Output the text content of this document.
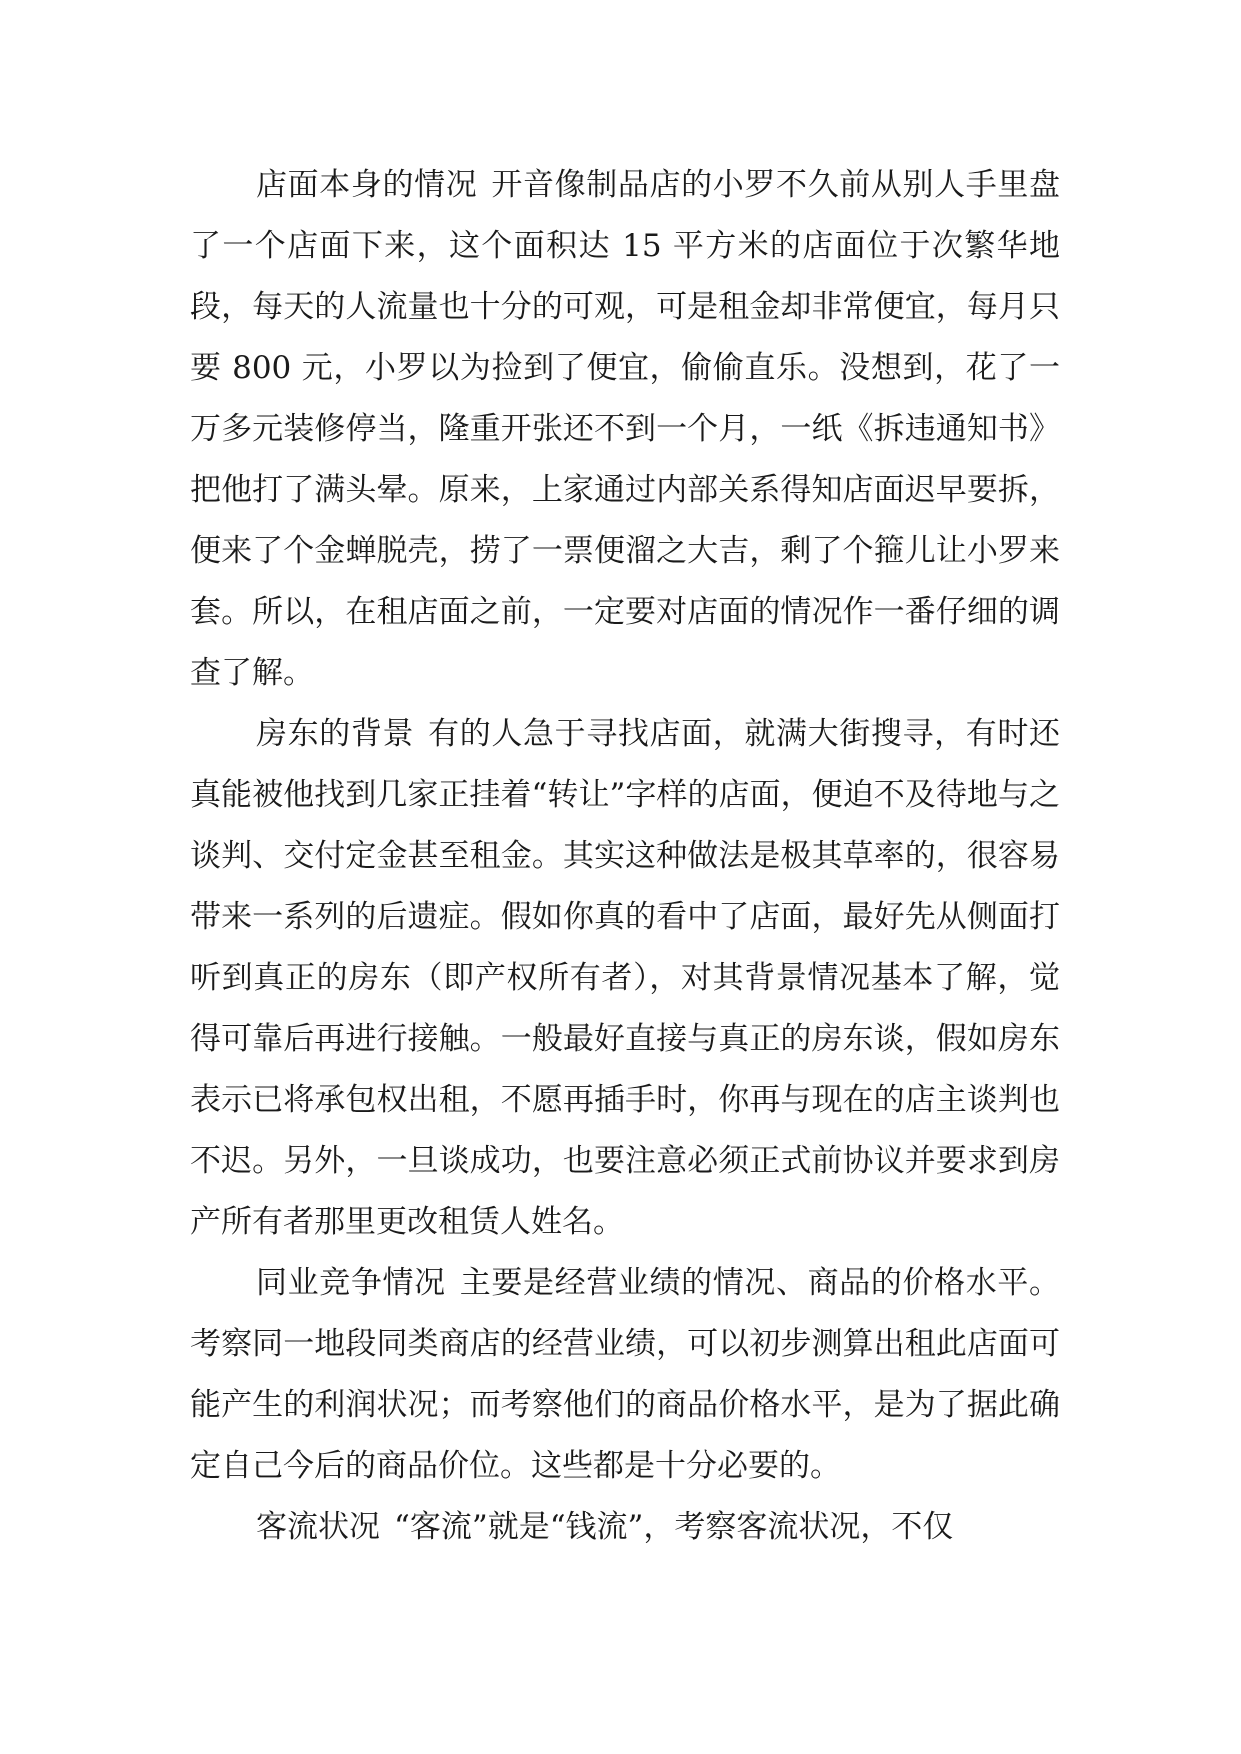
店面本身的情况 开音像制品店的小罗不久前从别人手里盘了一个店面下来，这个面积达 15 平方米的店面位于次繁华地段，每天的人流量也十分的可观，可是租金却非常便宜，每月只要 800 元，小罗以为捡到了便宜，偷偷直乐。没想到，花了一万多元装修停当，隆重开张还不到一个月，一纸《拆违通知书》把他打了满头晕。原来，上家通过内部关系得知店面迟早要拆，便来了个金蝉脱壳，捞了一票便溜之大吉，剩了个箍儿让小罗来套。所以，在租店面之前，一定要对店面的情况作一番仔细的调查了解。

房东的背景 有的人急于寻找店面，就满大街搜寻，有时还真能被他找到几家正挂着“转让”字样的店面，便迫不及待地与之谈判、交付定金甚至租金。其实这种做法是极其草率的，很容易带来一系列的后遗症。假如你真的看中了店面，最好先从侧面打听到真正的房东（即产权所有者），对其背景情况基本了解，觉得可靠后再进行接触。一般最好直接与真正的房东谈，假如房东表示已将承包权出租，不愿再插手时，你再与现在的店主谈判也不迟。另外，一旦谈成功，也要注意必须正式前协议并要求到房产所有者那里更改租赁人姓名。

同业竞争情况 主要是经营业绩的情况、商品的价格水平。考察同一地段同类商店的经营业绩，可以初步测算出租此店面可能产生的利润状况；而考察他们的商品价格水平，是为了据此确定自己今后的商品价位。这些都是十分必要的。

客流状况 “客流”就是“钱流”，考察客流状况，不仅
